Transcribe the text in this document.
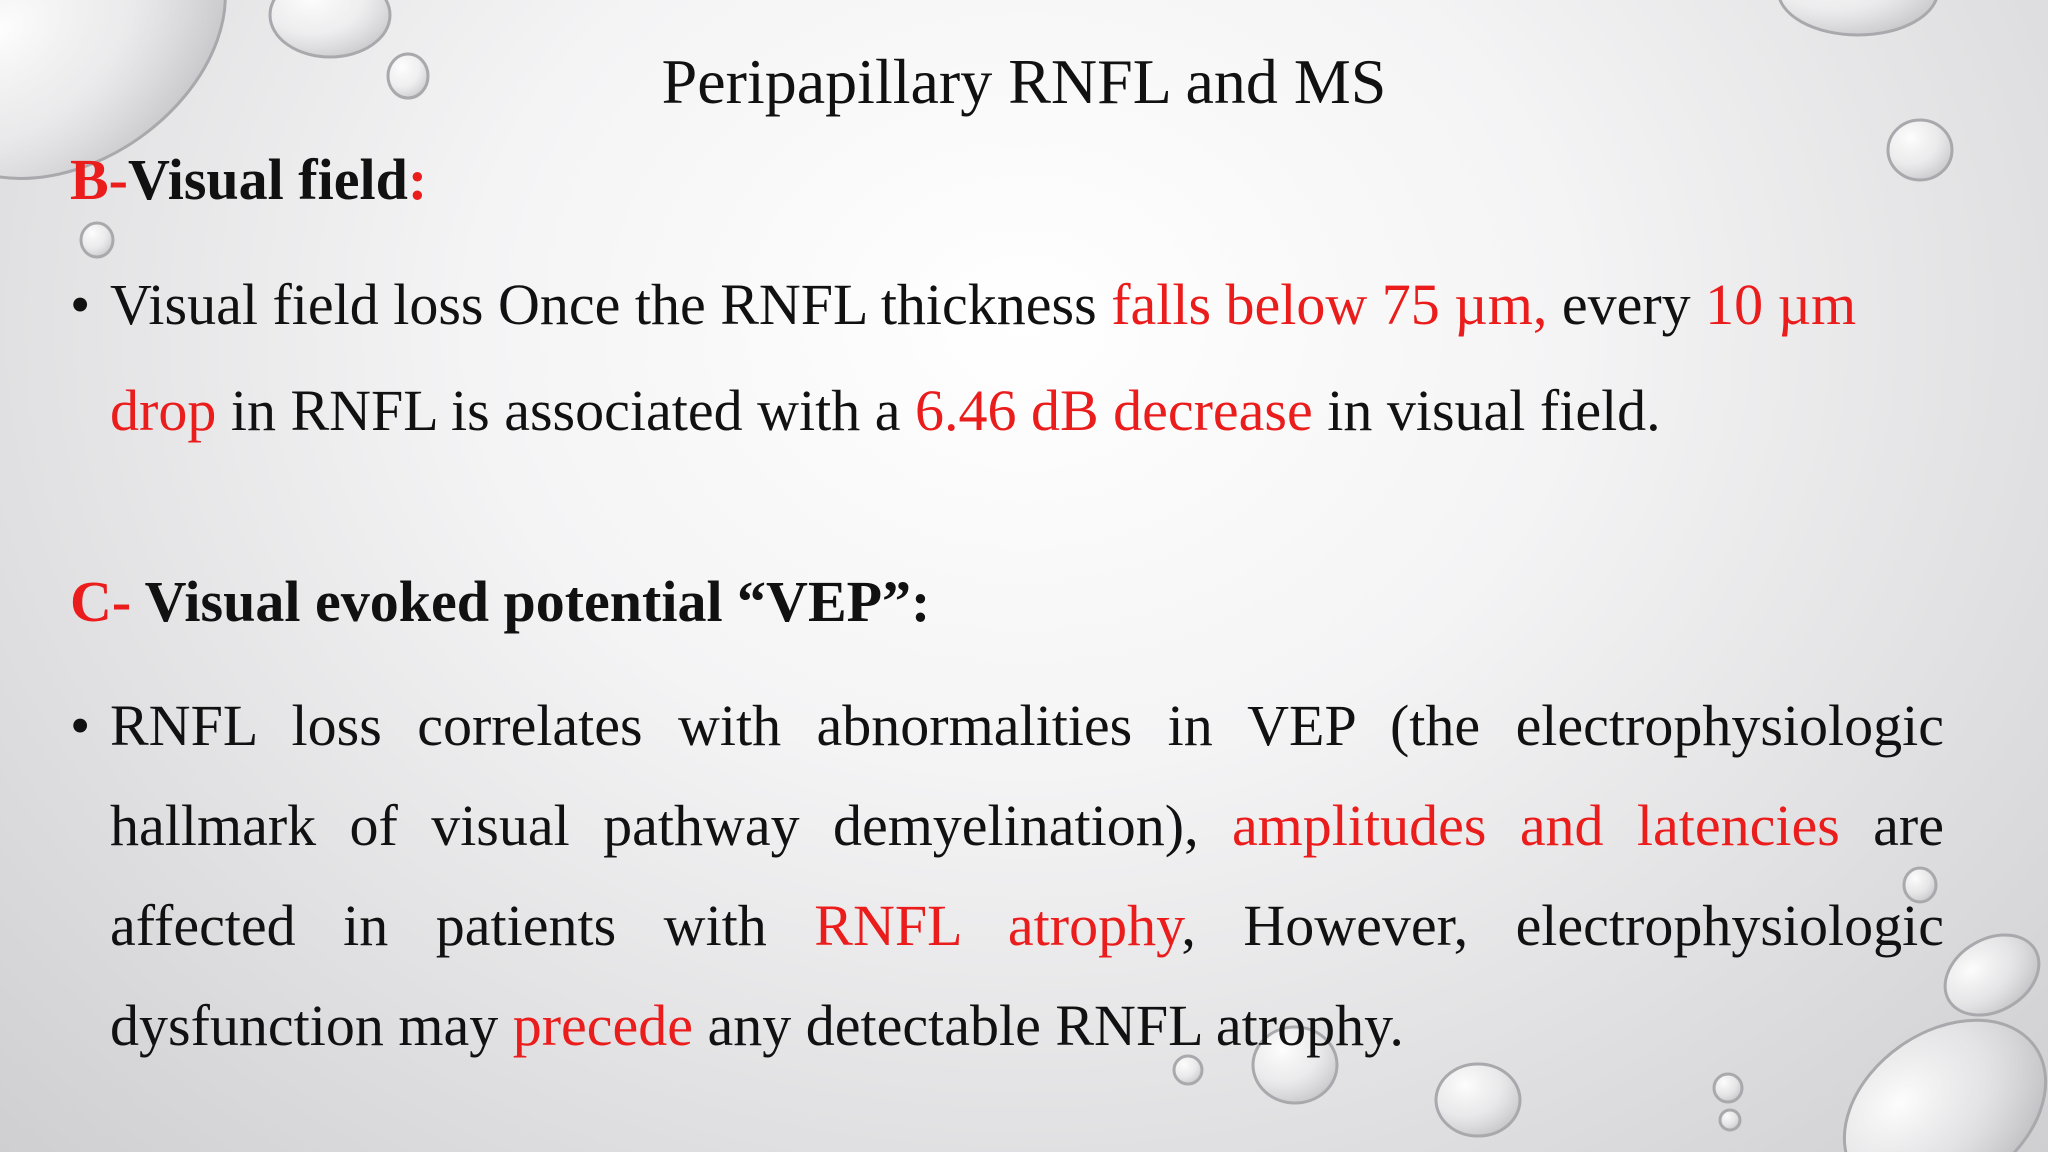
Peripapillary RNFL and MS
B-Visual field:

• Visual field loss Once the RNFL thickness falls below 75 µm, every 10 µm drop in RNFL is associated with a 6.46 dB decrease in visual field.

C- Visual evoked potential “VEP”:

• RNFL loss correlates with abnormalities in VEP (the electrophysiologic hallmark of visual pathway demyelination), amplitudes and latencies are affected in patients with RNFL atrophy, However, electrophysiologic dysfunction may precede any detectable RNFL atrophy.
